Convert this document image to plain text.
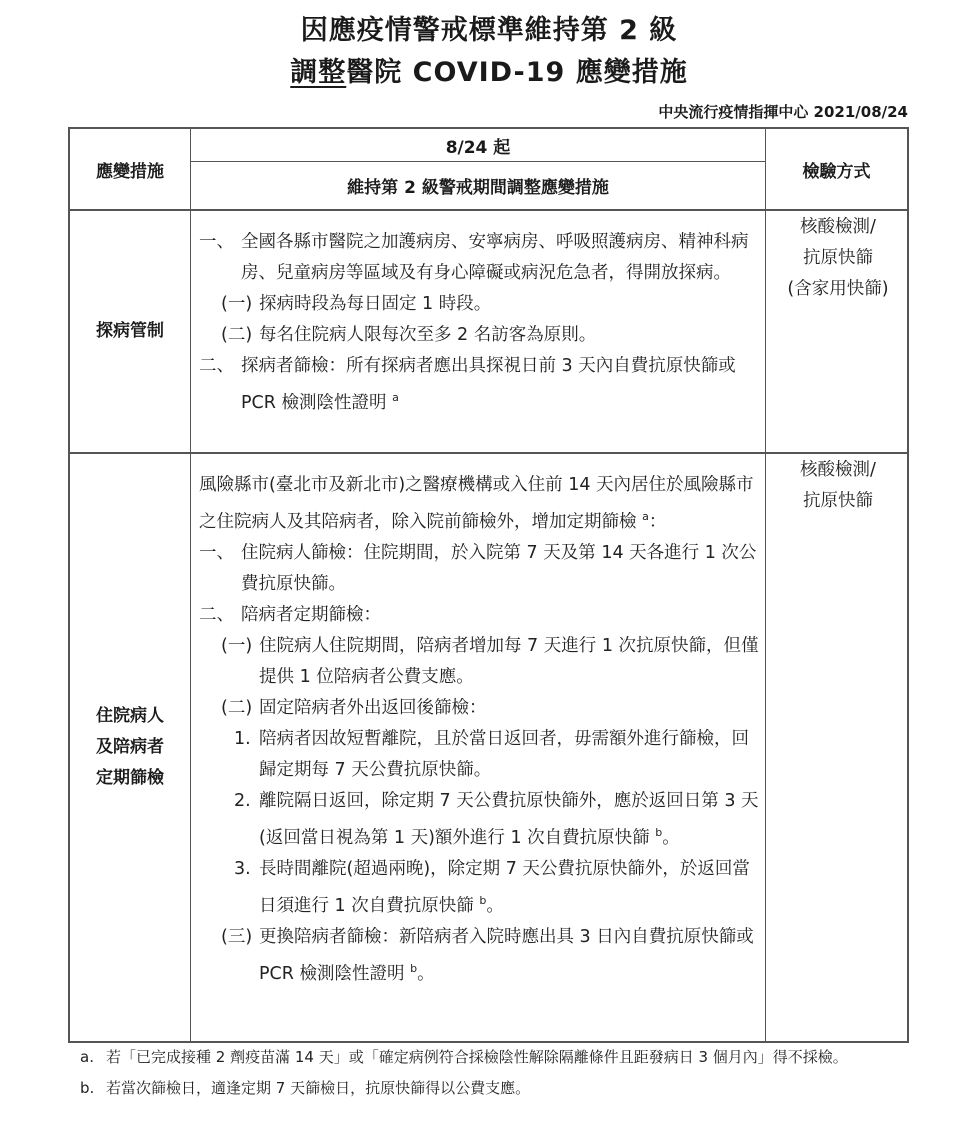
因應疫情警戒標準維持第 2 級
調整醫院 COVID-19 應變措施
中央流行疫情指揮中心 2021/08/24
應變措施
8/24 起
維持第 2 級警戒期間調整應變措施
檢驗方式
探病管制
一、 全國各縣市醫院之加護病房、安寧病房、呼吸照護病房、精神科病房、兒童病房等區域及有身心障礙或病況危急者，得開放探病。
(一) 探病時段為每日固定 1 時段。
(二) 每名住院病人限每次至多 2 名訪客為原則。
二、 探病者篩檢：所有探病者應出具探視日前 3 天內自費抗原快篩或 PCR 檢測陰性證明 $^a$
核酸檢測/
抗原快篩
(含家用快篩)
住院病人
及陪病者
定期篩檢
風險縣市(臺北市及新北市)之醫療機構或入住前 14 天內居住於風險縣市之住院病人及其陪病者，除入院前篩檢外，增加定期篩檢 $^a$：
一、 住院病人篩檢：住院期間，於入院第 7 天及第 14 天各進行 1 次公費抗原快篩。
二、 陪病者定期篩檢：
(一) 住院病人住院期間，陪病者增加每 7 天進行 1 次抗原快篩，但僅提供 1 位陪病者公費支應。
(二) 固定陪病者外出返回後篩檢：
1. 陪病者因故短暫離院，且於當日返回者，毋需額外進行篩檢，回歸定期每 7 天公費抗原快篩。
2. 離院隔日返回，除定期 7 天公費抗原快篩外，應於返回日第 3 天(返回當日視為第 1 天)額外進行 1 次自費抗原快篩 $^b$。
3. 長時間離院(超過兩晚)，除定期 7 天公費抗原快篩外，於返回當日須進行 1 次自費抗原快篩 $^b$。
(三) 更換陪病者篩檢：新陪病者入院時應出具 3 日內自費抗原快篩或 PCR 檢測陰性證明 $^b$。
核酸檢測/
抗原快篩
a. 若「已完成接種 2 劑疫苗滿 14 天」或「確定病例符合採檢陰性解除隔離條件且距發病日 3 個月內」得不採檢。
b. 若當次篩檢日，適逢定期 7 天篩檢日，抗原快篩得以公費支應。
